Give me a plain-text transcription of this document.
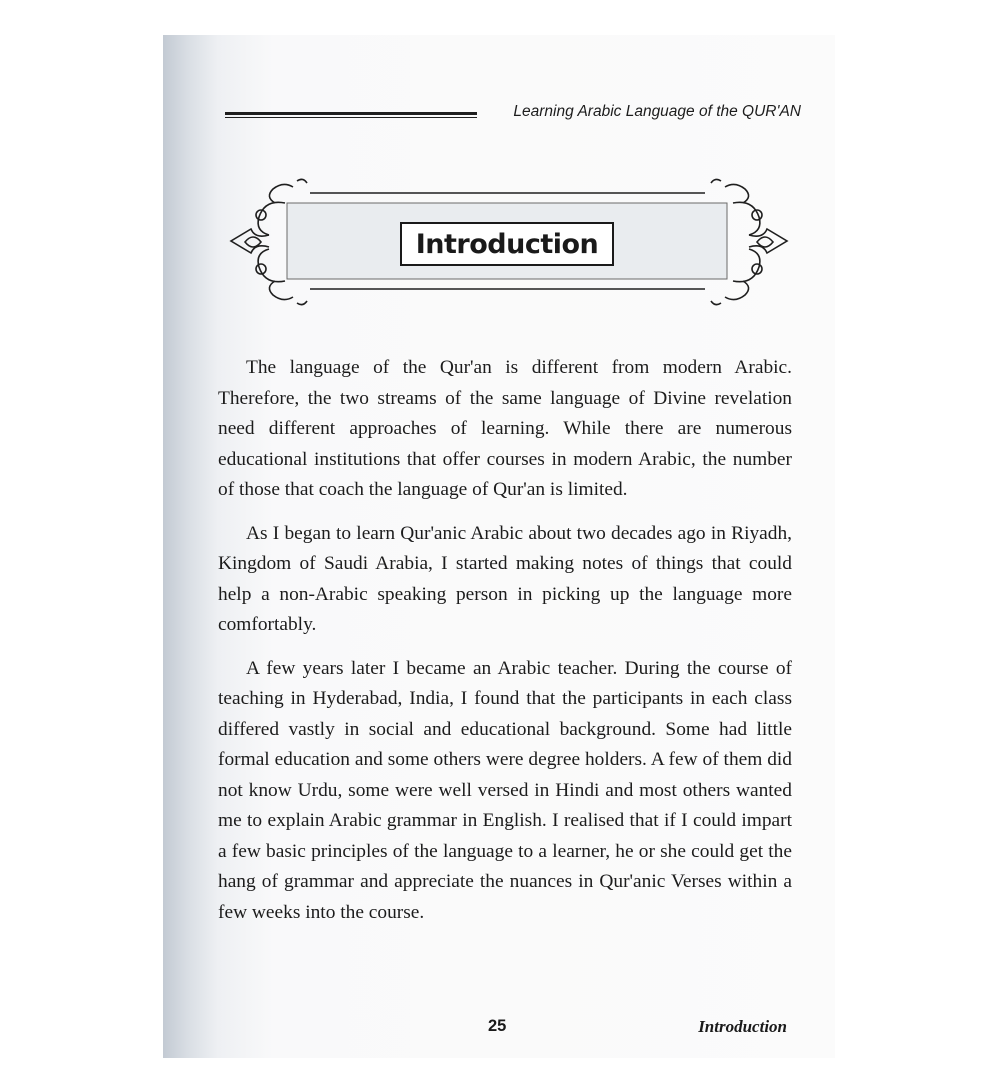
Learning Arabic Language of the QUR'AN
Introduction

The language of the Qur'an is different from modern Arabic. Therefore, the two streams of the same language of Divine revelation need different approaches of learning. While there are numerous educational institutions that offer courses in modern Arabic, the number of those that coach the language of Qur'an is limited.

As I began to learn Qur'anic Arabic about two decades ago in Riyadh, Kingdom of Saudi Arabia, I started making notes of things that could help a non-Arabic speaking person in picking up the language more comfortably.

A few years later I became an Arabic teacher. During the course of teaching in Hyderabad, India, I found that the participants in each class differed vastly in social and educational background. Some had little formal education and some others were degree holders. A few of them did not know Urdu, some were well versed in Hindi and most others wanted me to explain Arabic grammar in English. I realised that if I could impart a few basic principles of the language to a learner, he or she could get the hang of grammar and appreciate the nuances in Qur'anic Verses within a few weeks into the course.

25	Introduction
